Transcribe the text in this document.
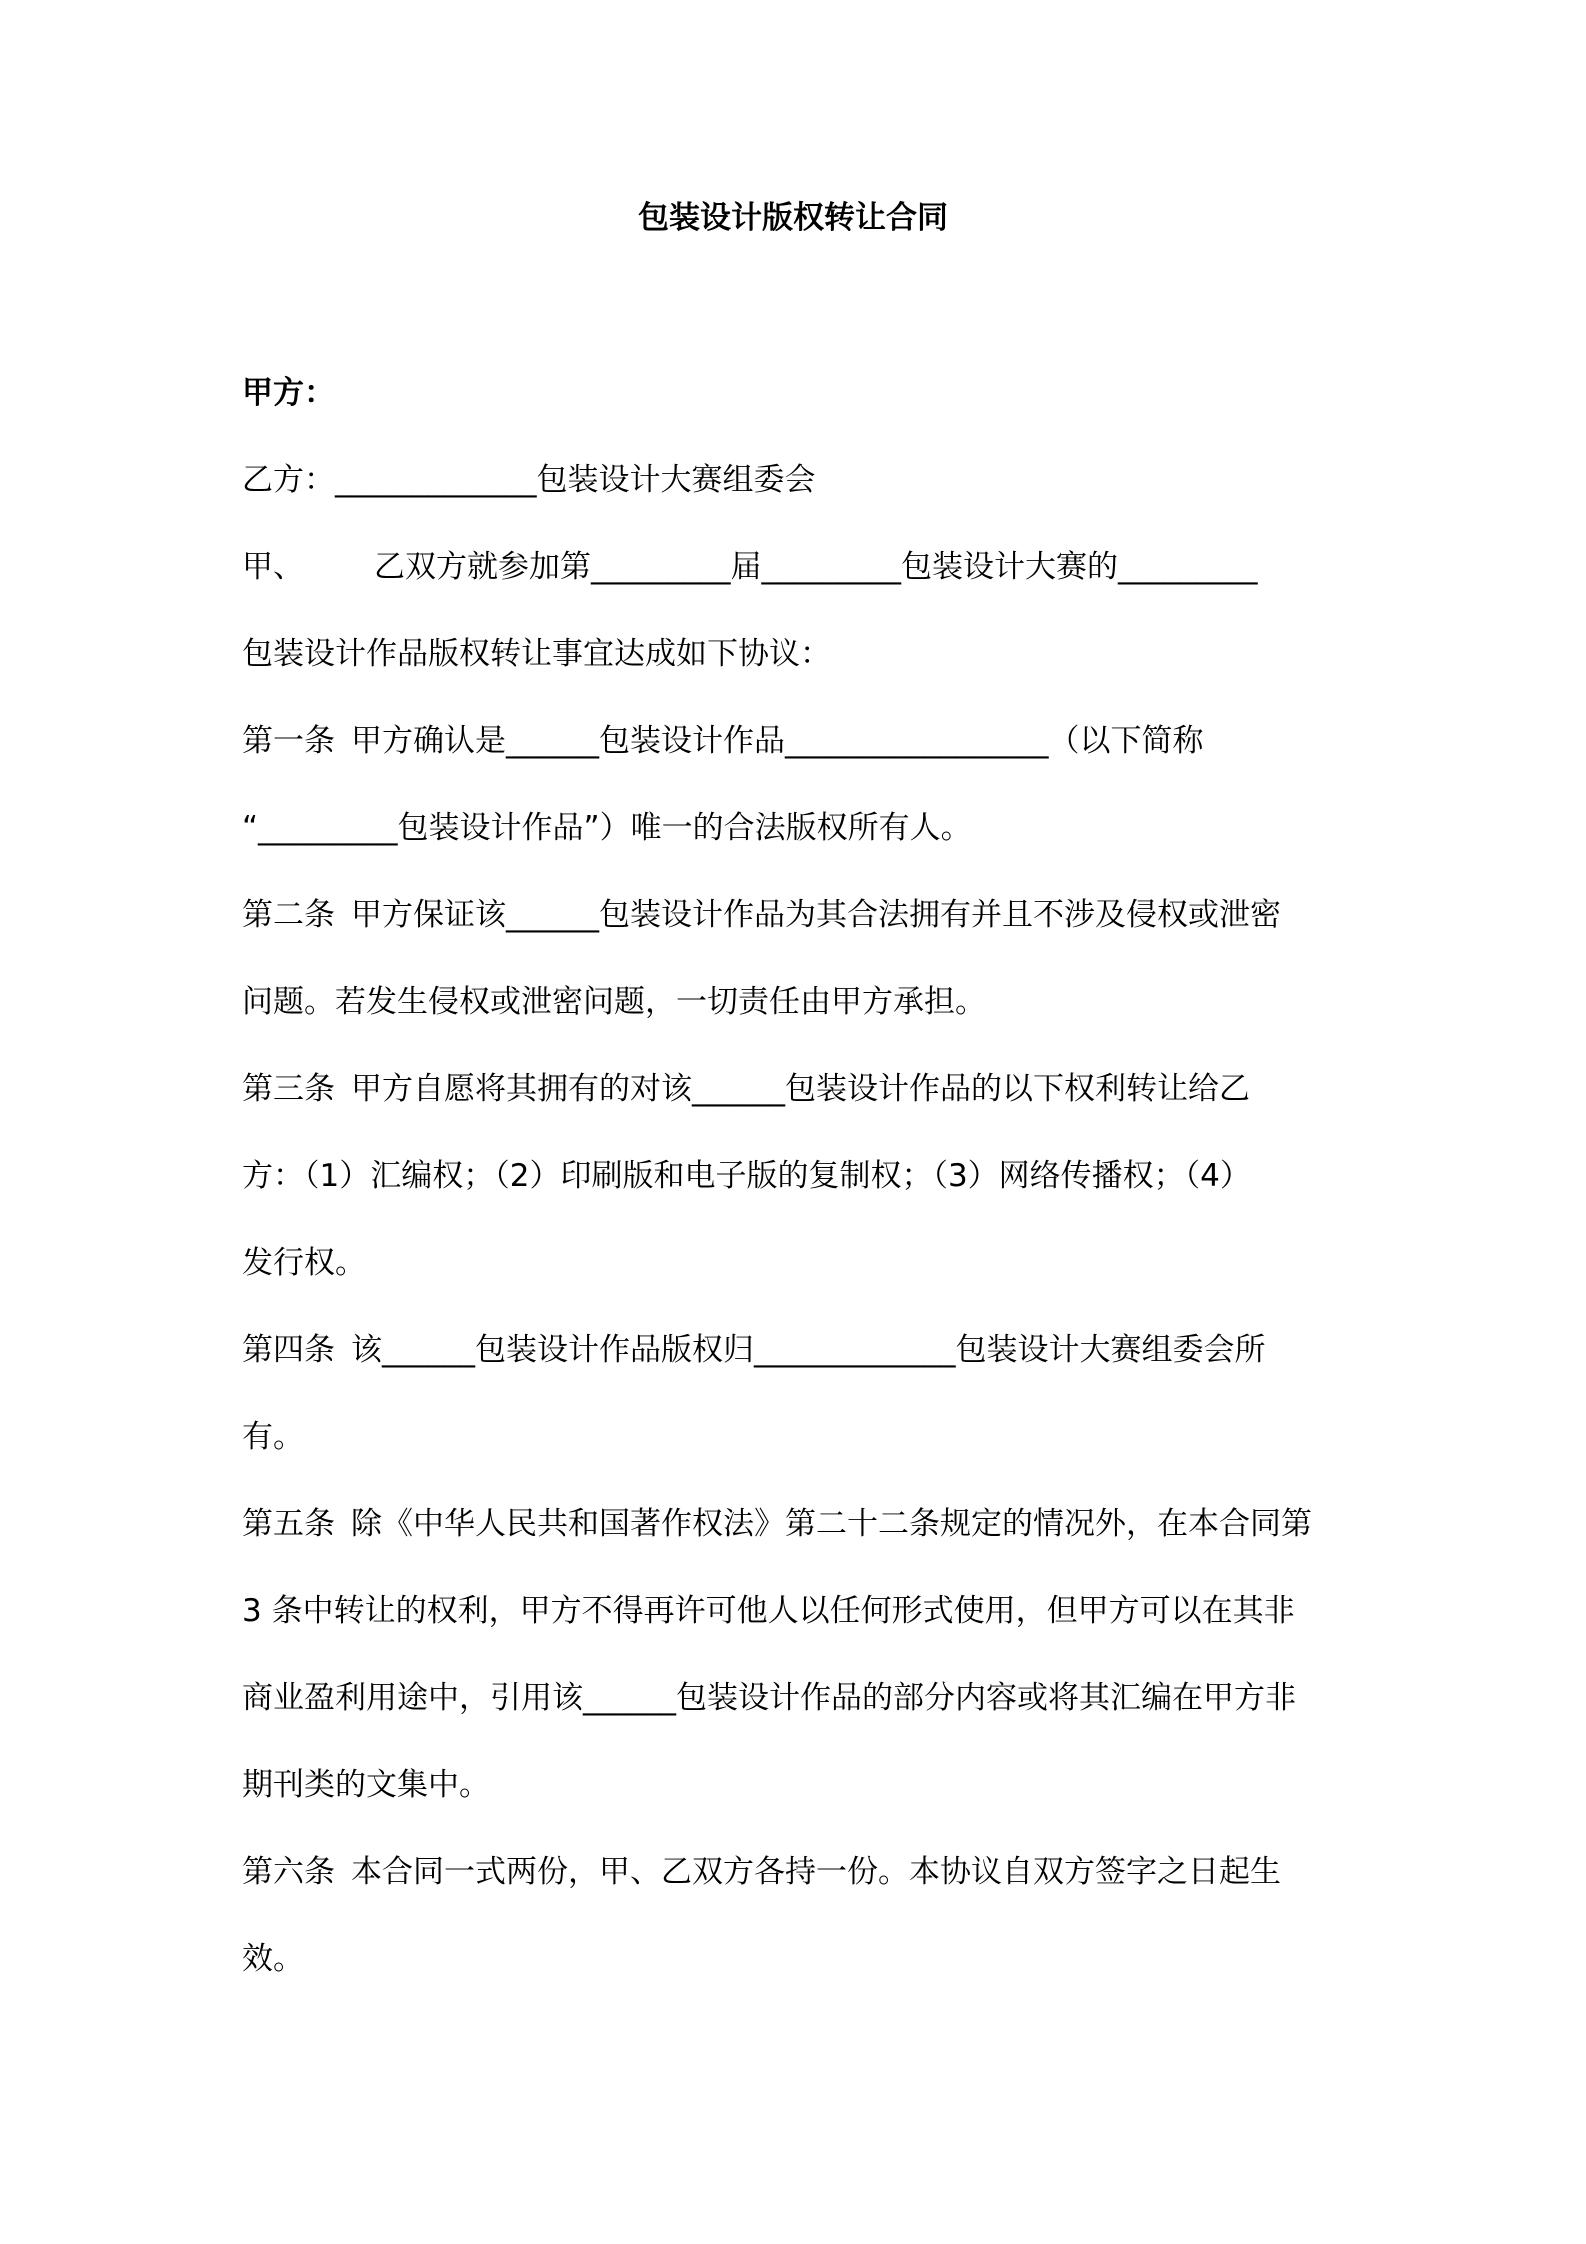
包装设计版权转让合同
甲方：
乙方：_____________包装设计大赛组委会
甲、 乙双方就参加第_________届_________包装设计大赛的_________
包装设计作品版权转让事宜达成如下协议：
第一条 甲方确认是______包装设计作品_________________（以下简称
“_________包装设计作品”）唯一的合法版权所有人。
第二条 甲方保证该______包装设计作品为其合法拥有并且不涉及侵权或泄密
问题。若发生侵权或泄密问题，一切责任由甲方承担。
第三条 甲方自愿将其拥有的对该______包装设计作品的以下权利转让给乙
方：（1）汇编权；（2）印刷版和电子版的复制权；（3）网络传播权；（4）
发行权。
第四条 该______包装设计作品版权归_____________包装设计大赛组委会所
有。
第五条 除《中华人民共和国著作权法》第二十二条规定的情况外，在本合同第
3 条中转让的权利，甲方不得再许可他人以任何形式使用，但甲方可以在其非
商业盈利用途中，引用该______包装设计作品的部分内容或将其汇编在甲方非
期刊类的文集中。
第六条 本合同一式两份，甲、乙双方各持一份。本协议自双方签字之日起生
效。
